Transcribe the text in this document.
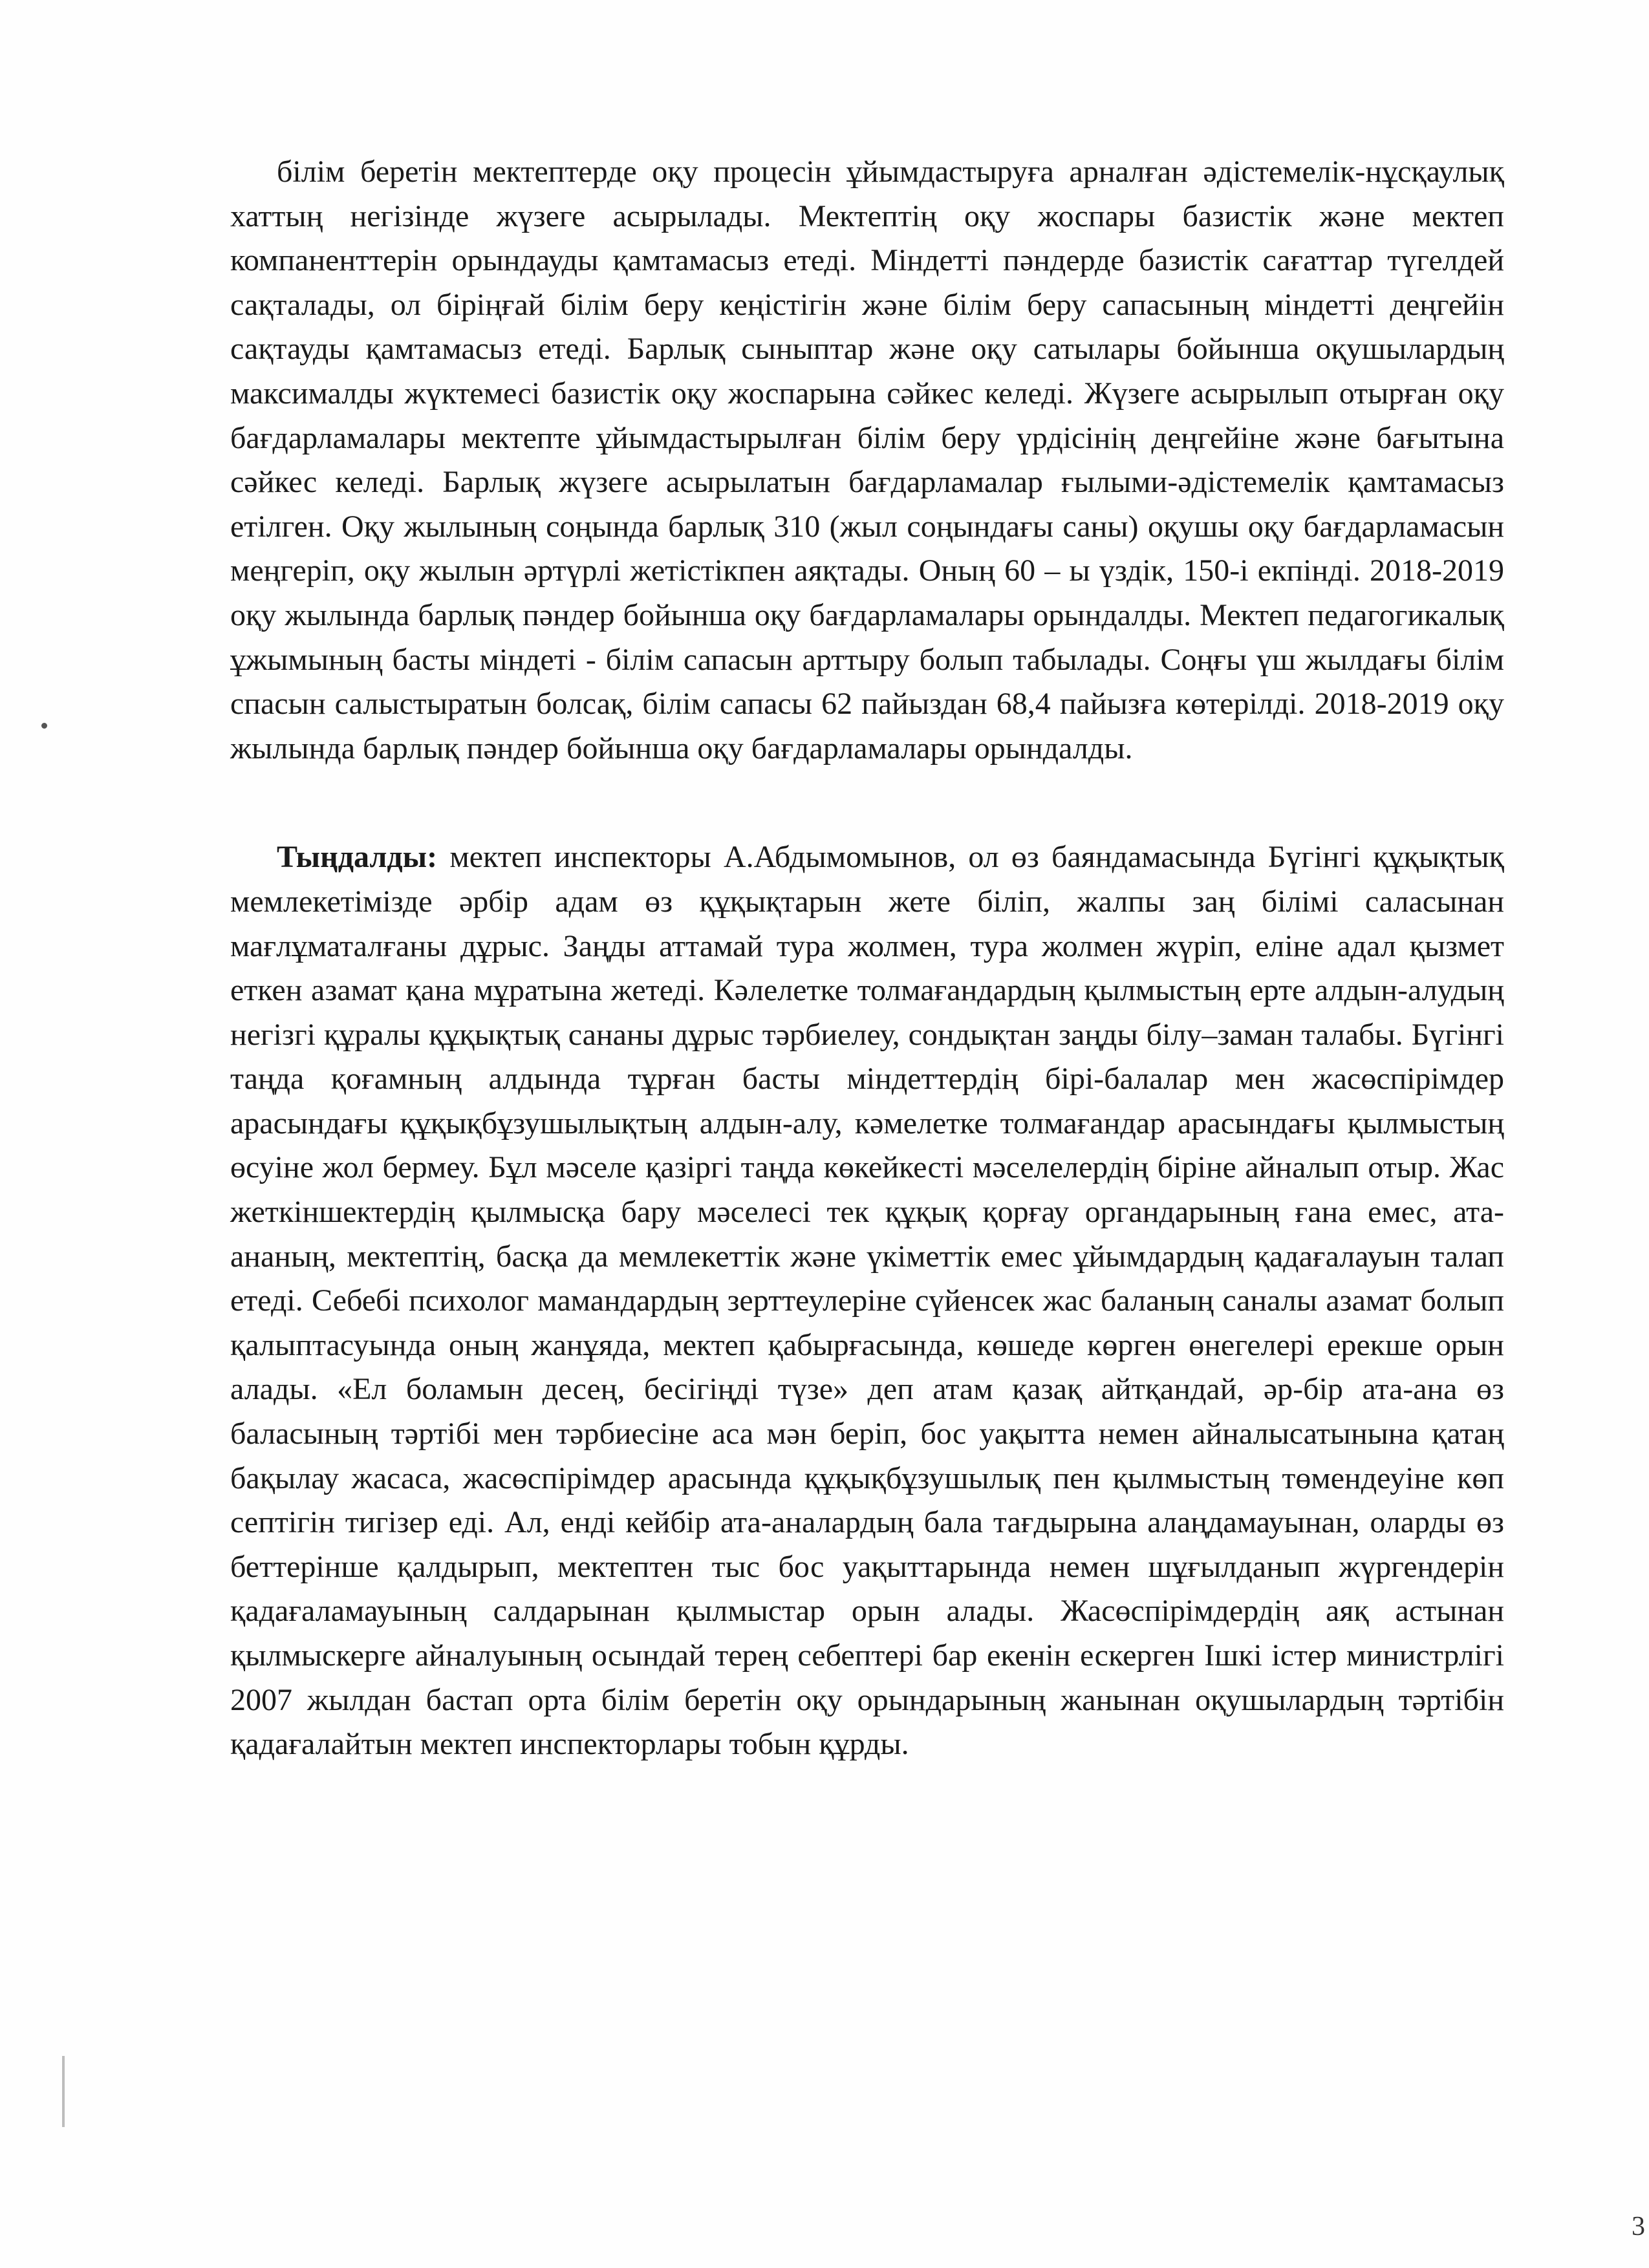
білім беретін мектептерде оқу процесін ұйымдастыруға арналған әдістемелік-нұсқаулық хаттың негізінде жүзеге асырылады. Мектептің оқу жоспары базистік және мектеп компаненттерін орындауды қамтамасыз етеді. Міндетті пәндерде базистік сағаттар түгелдей сақталады, ол біріңғай білім беру кеңістігін және білім беру сапасының міндетті деңгейін сақтауды қамтамасыз етеді. Барлық сыныптар және оқу сатылары бойынша оқушылардың максималды жүктемесі базистік оқу жоспарына сәйкес келеді. Жүзеге асырылып отырған оқу бағдарламалары мектепте ұйымдастырылған білім беру үрдісінің деңгейіне және бағытына сәйкес келеді. Барлық жүзеге асырылатын бағдарламалар ғылыми-әдістемелік қамтамасыз етілген. Оқу жылының соңында барлық 310 (жыл соңындағы саны) оқушы оқу бағдарламасын меңгеріп, оқу жылын әртүрлі жетістікпен аяқтады. Оның 60 – ы үздік, 150-і екпінді. 2018-2019 оқу жылында барлық пәндер бойынша оқу бағдарламалары орындалды. Мектеп педагогикалық ұжымының басты міндеті - білім сапасын арттыру болып табылады. Соңғы үш жылдағы білім спасын салыстыратын болсақ, білім сапасы 62 пайыздан 68,4 пайызға көтерілді. 2018-2019 оқу жылында барлық пәндер бойынша оқу бағдарламалары орындалды.

Тыңдалды: мектеп инспекторы А.Абдымомынов, ол өз баяндамасында Бүгінгі құқықтық мемлекетімізде әрбір адам өз құқықтарын жете біліп, жалпы заң білімі саласынан мағлұматалғаны дұрыс. Заңды аттамай тура жолмен, тура жолмен жүріп, еліне адал қызмет еткен азамат қана мұратына жетеді. Кәлелетке толмағандардың қылмыстың ерте алдын-алудың негізгі құралы құқықтық сананы дұрыс тәрбиелеу, сондықтан заңды білу–заман талабы. Бүгінгі таңда қоғамның алдында тұрған басты міндеттердің бірі-балалар мен жасөспірімдер арасындағы құқықбұзушылықтың алдын-алу, кәмелетке толмағандар арасындағы қылмыстың өсуіне жол бермеу. Бұл мәселе қазіргі таңда көкейкесті мәселелердің біріне айналып отыр. Жас жеткіншектердің қылмысқа бару мәселесі тек құқық қорғау органдарының ғана емес, ата-ананың, мектептің, басқа да мемлекеттік және үкіметтік емес ұйымдардың қадағалауын талап етеді. Себебі психолог мамандардың зерттеулеріне сүйенсек жас баланың саналы азамат болып қалыптасуында оның жанұяда, мектеп қабырғасында, көшеде көрген өнегелері ерекше орын алады. «Ел боламын десең, бесігіңді түзе» деп атам қазақ айтқандай, әр-бір ата-ана өз баласының тәртібі мен тәрбиесіне аса мән беріп, бос уақытта немен айналысатынына қатаң бақылау жасаса, жасөспірімдер арасында құқықбұзушылық пен қылмыстың төмендеуіне көп септігін тигізер еді. Ал, енді кейбір ата-аналардың бала тағдырына алаңдамауынан, оларды өз беттерінше қалдырып, мектептен тыс бос уақыттарында немен шұғылданып жүргендерін қадағаламауының салдарынан қылмыстар орын алады. Жасөспірімдердің аяқ астынан қылмыскерге айналуының осындай терең себептері бар екенін ескерген Ішкі істер министрлігі 2007 жылдан бастап орта білім беретін оқу орындарының жанынан оқушылардың тәртібін қадағалайтын мектеп инспекторлары тобын құрды.

3
